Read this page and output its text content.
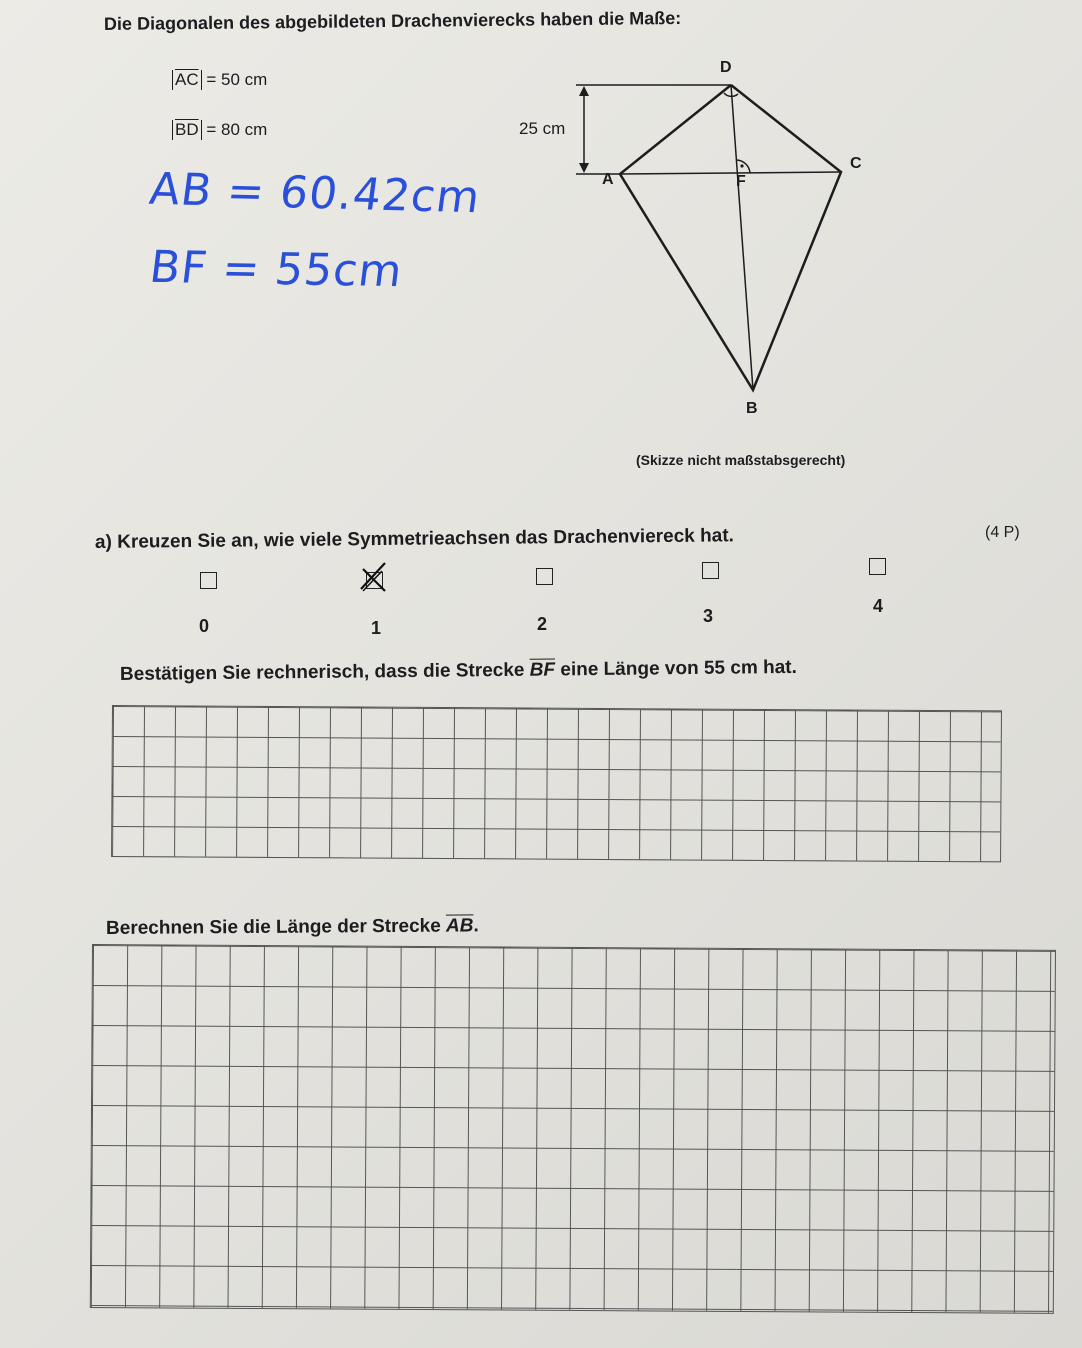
Die Diagonalen des abgebildeten Drachenvierecks haben die Maße:
$\overline{AC} = 50$ cm
$\overline{BD} = 80$ cm
AB = 60.42cm
BF = 55cm
25 cm
D
C
A	F
B
(Skizze nicht maßstabsgerecht)
a) Kreuzen Sie an, wie viele Symmetrieachsen das Drachenviereck hat.	(4 P)
0	1	2	3	4
Bestätigen Sie rechnerisch, dass die Strecke $\overline{BF}$ eine Länge von 55 cm hat.
Berechnen Sie die Länge der Strecke $\overline{AB}$.
